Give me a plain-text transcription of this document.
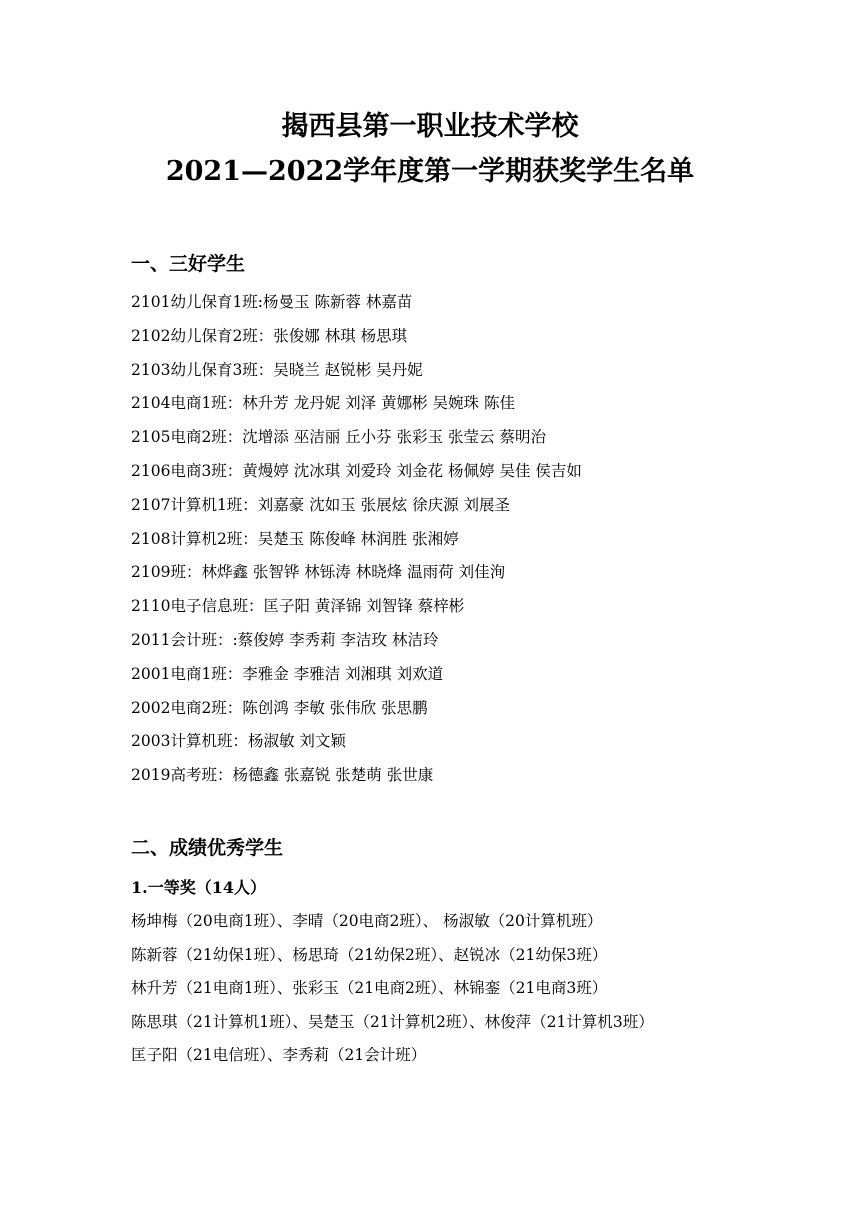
揭西县第一职业技术学校
2021—2022学年度第一学期获奖学生名单
一、三好学生
2101幼儿保育1班:杨曼玉 陈新蓉 林嘉苗
2102幼儿保育2班：张俊娜 林琪 杨思琪
2103幼儿保育3班：吴晓兰 赵锐彬 吴丹妮
2104电商1班：林升芳 龙丹妮 刘泽 黄娜彬 吴婉珠 陈佳
2105电商2班：沈增添 巫洁丽 丘小芬 张彩玉 张莹云 蔡明治
2106电商3班：黄熳婷 沈冰琪 刘爱玲 刘金花 杨佩婷 吴佳 侯吉如
2107计算机1班：刘嘉豪 沈如玉 张展炫 徐庆源 刘展圣
2108计算机2班：吴楚玉 陈俊峰 林润胜 张湘婷
2109班：林烨鑫 张智铧 林铄涛 林晓烽 温雨荷 刘佳洵
2110电子信息班：匡子阳 黄泽锦 刘智锋 蔡梓彬
2011会计班：:蔡俊婷 李秀莉 李洁玫 林洁玲
2001电商1班：李雅金 李雅洁 刘湘琪 刘欢道
2002电商2班：陈创鸿 李敏 张伟欣 张思鹏
2003计算机班：杨淑敏 刘文颖
2019高考班：杨德鑫 张嘉锐 张楚萌 张世康
二、成绩优秀学生
1.一等奖（14人）
杨坤梅（20电商1班）、李晴（20电商2班）、 杨淑敏（20计算机班）
陈新蓉（21幼保1班）、杨思琦（21幼保2班）、赵锐冰（21幼保3班）
林升芳（21电商1班）、张彩玉（21电商2班）、林锦銮（21电商3班）
陈思琪（21计算机1班）、吴楚玉（21计算机2班）、林俊萍（21计算机3班）
匡子阳（21电信班）、李秀莉（21会计班）
